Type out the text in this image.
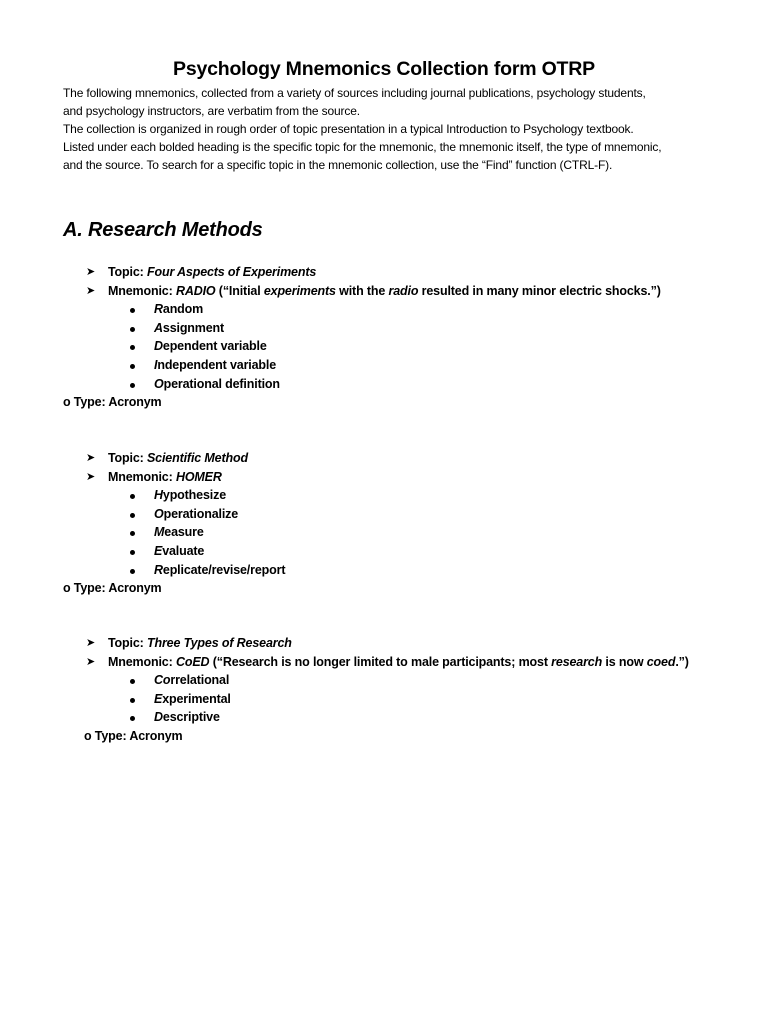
Psychology Mnemonics Collection form OTRP

The following mnemonics, collected from a variety of sources including journal publications, psychology students,

and psychology instructors, are verbatim from the source.

The collection is organized in rough order of topic presentation in a typical Introduction to Psychology textbook.

Listed under each bolded heading is the specific topic for the mnemonic, the mnemonic itself, the type of mnemonic,

and the source. To search for a specific topic in the mnemonic collection, use the “Find” function (CTRL-F).

A. Research Methods
➤	Topic: Four Aspects of Experiments
➤	Mnemonic: RADIO (“Initial experiments with the radio resulted in many minor electric shocks.”)
Random
Assignment
Dependent variable
Independent variable
Operational definition
o Type: Acronym
➤	Topic: Scientific Method
➤	Mnemonic: HOMER
Hypothesize
Operationalize
Measure
Evaluate
Replicate/revise/report
o Type: Acronym
➤	Topic: Three Types of Research
➤	Mnemonic: CoED (“Research is no longer limited to male participants; most research is now coed.”)
Correlational
Experimental
Descriptive
o Type: Acronym
